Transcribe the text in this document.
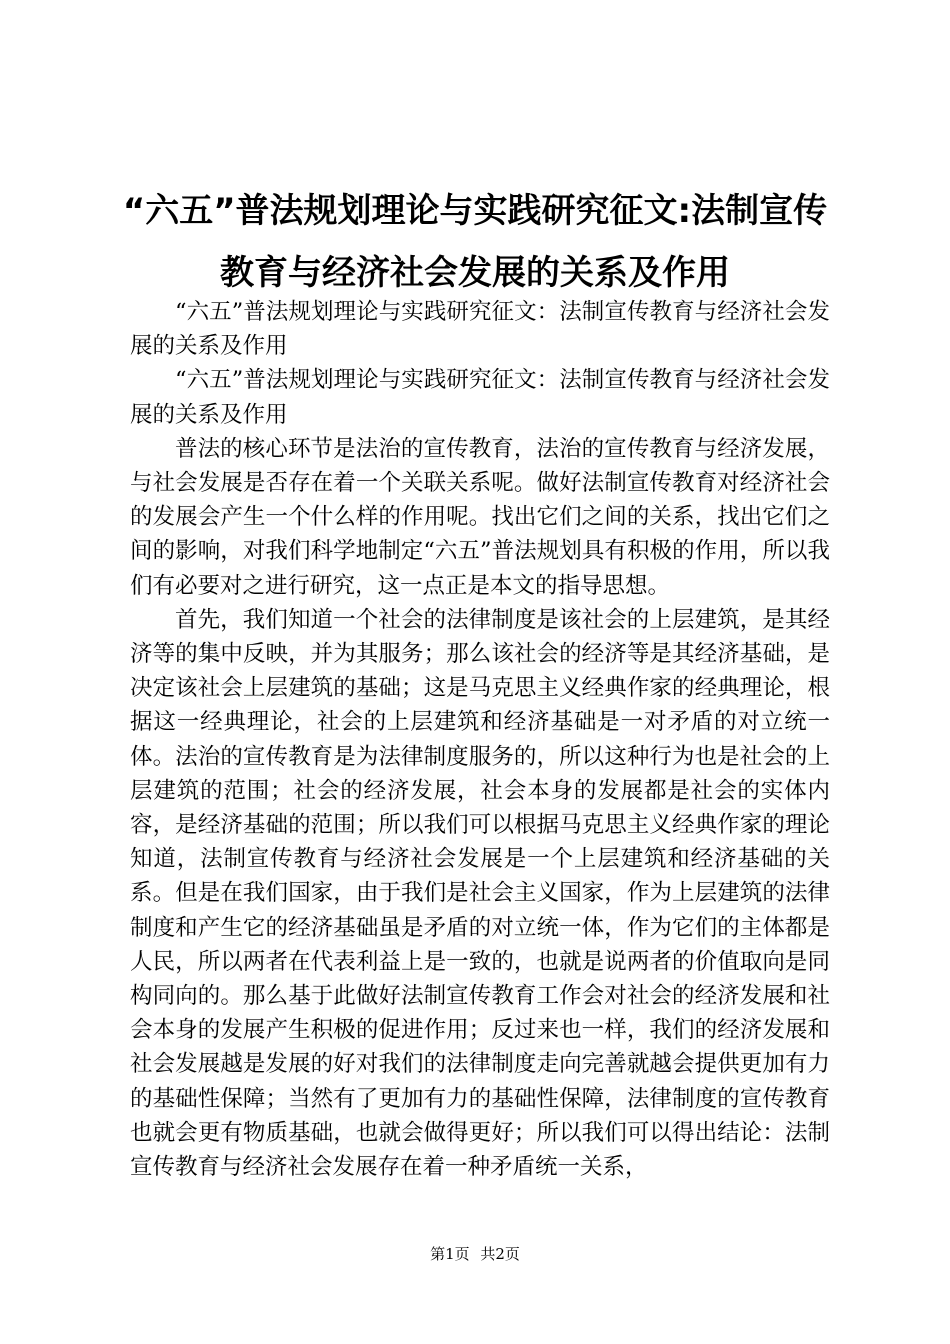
“六五”普法规划理论与实践研究征文:法制宣传教育与经济社会发展的关系及作用

“六五”普法规划理论与实践研究征文：法制宣传教育与经济社会发展的关系及作用

“六五”普法规划理论与实践研究征文：法制宣传教育与经济社会发展的关系及作用

普法的核心环节是法治的宣传教育，法治的宣传教育与经济发展，与社会发展是否存在着一个关联关系呢。做好法制宣传教育对经济社会的发展会产生一个什么样的作用呢。找出它们之间的关系，找出它们之间的影响，对我们科学地制定“六五”普法规划具有积极的作用，所以我们有必要对之进行研究，这一点正是本文的指导思想。

首先，我们知道一个社会的法律制度是该社会的上层建筑，是其经济等的集中反映，并为其服务；那么该社会的经济等是其经济基础，是决定该社会上层建筑的基础；这是马克思主义经典作家的经典理论，根据这一经典理论，社会的上层建筑和经济基础是一对矛盾的对立统一体。法治的宣传教育是为法律制度服务的，所以这种行为也是社会的上层建筑的范围；社会的经济发展，社会本身的发展都是社会的实体内容，是经济基础的范围；所以我们可以根据马克思主义经典作家的理论知道，法制宣传教育与经济社会发展是一个上层建筑和经济基础的关系。但是在我们国家，由于我们是社会主义国家，作为上层建筑的法律制度和产生它的经济基础虽是矛盾的对立统一体，作为它们的主体都是人民，所以两者在代表利益上是一致的，也就是说两者的价值取向是同构同向的。那么基于此做好法制宣传教育工作会对社会的经济发展和社会本身的发展产生积极的促进作用；反过来也一样，我们的经济发展和社会发展越是发展的好对我们的法律制度走向完善就越会提供更加有力的基础性保障；当然有了更加有力的基础性保障，法律制度的宣传教育也就会更有物质基础，也就会做得更好；所以我们可以得出结论：法制宣传教育与经济社会发展存在着一种矛盾统一关系，

第1页 共2页
